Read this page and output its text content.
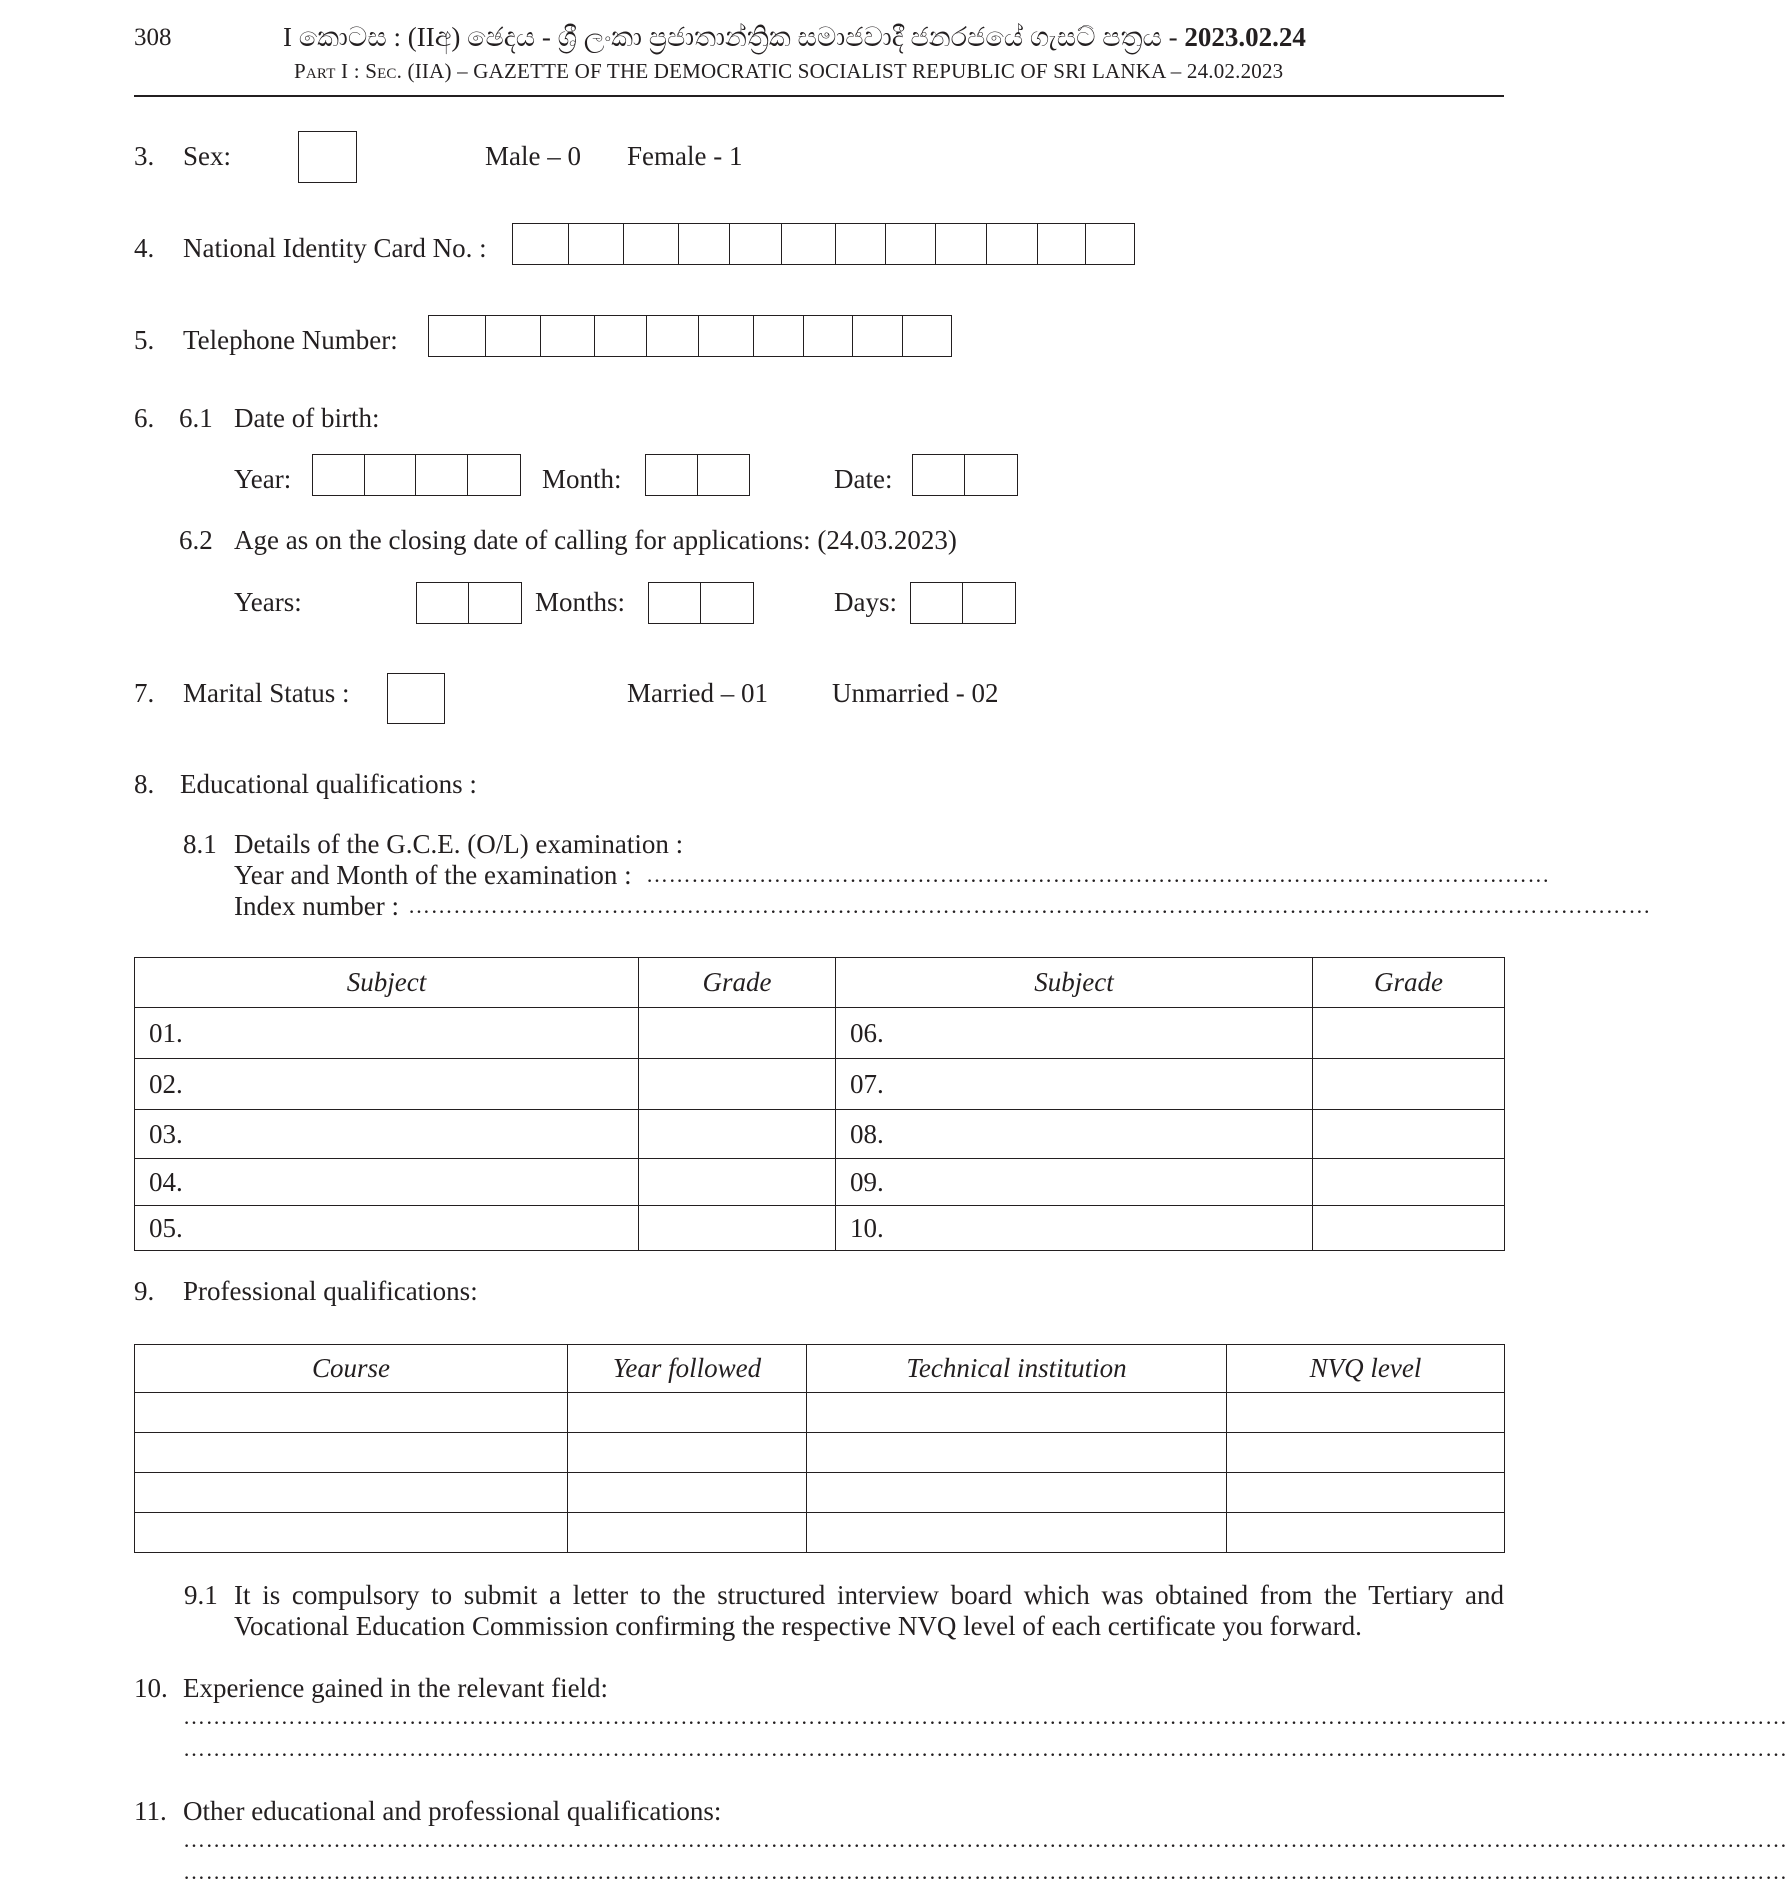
308	I කොටස : (IIඅ) ඡෙදය - ශ්‍රී ලංකා ප්‍රජාතාන්ත්‍රික සමාජවාදී ජනරජයේ ගැසට් පත්‍රය - 2023.02.24
Part I : Sec. (IIA) – GAZETTE OF THE DEMOCRATIC SOCIALIST REPUBLIC OF SRI LANKA – 24.02.2023
3. Sex:	Male – 0 Female - 1
4. National Identity Card No. :
5. Telephone Number:
6. 6.1 Date of birth:
Year:	Month:	Date:
6.2 Age as on the closing date of calling for applications: (24.03.2023)
Years:	Months:	Days:
7. Marital Status :	Married – 01 Unmarried - 02
8. Educational qualifications :
8.1 Details of the G.C.E. (O/L) examination :
Year and Month of the examination : …………………………………………………………………………………………………………
Index number : …………………………………………………………………………………………………………………………………………………
Subject	Grade	Subject	Grade
01.		06.	
02.		07.	
03.		08.	
04.		09.	
05.		10.	
9. Professional qualifications:
Course	Year followed	Technical institution	NVQ level

9.1 It is compulsory to submit a letter to the structured interview board which was obtained from the Tertiary and Vocational Education Commission confirming the respective NVQ level of each certificate you forward.
10. Experience gained in the relevant field:
……………………………………………………………………………………………………………………………………………………………………………………………
……………………………………………………………………………………………………………………………………………………………………………………………
11. Other educational and professional qualifications:
……………………………………………………………………………………………………………………………………………………………………………………………
……………………………………………………………………………………………………………………………………………………………………………………………
